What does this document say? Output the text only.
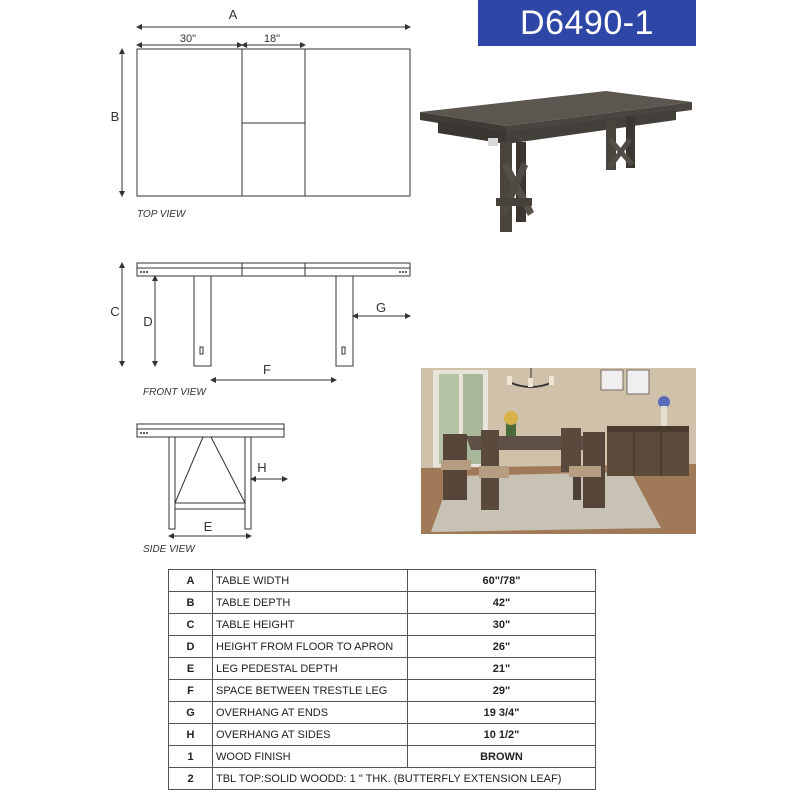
D6490-1
A
30"	18"
B
TOP VIEW
C
D
G
F
FRONT VIEW
H
E
SIDE VIEW
A	TABLE WIDTH	60"/78"
B	TABLE DEPTH	42"
C	TABLE HEIGHT	30"
D	HEIGHT FROM FLOOR TO APRON	26"
E	LEG PEDESTAL DEPTH	21"
F	SPACE BETWEEN TRESTLE LEG	29"
G	OVERHANG AT ENDS	19 3/4"
H	OVERHANG AT SIDES	10 1/2"
1	WOOD FINISH	BROWN
2	TBL TOP:SOLID WOODD: 1 " THK. (BUTTERFLY EXTENSION LEAF)	
